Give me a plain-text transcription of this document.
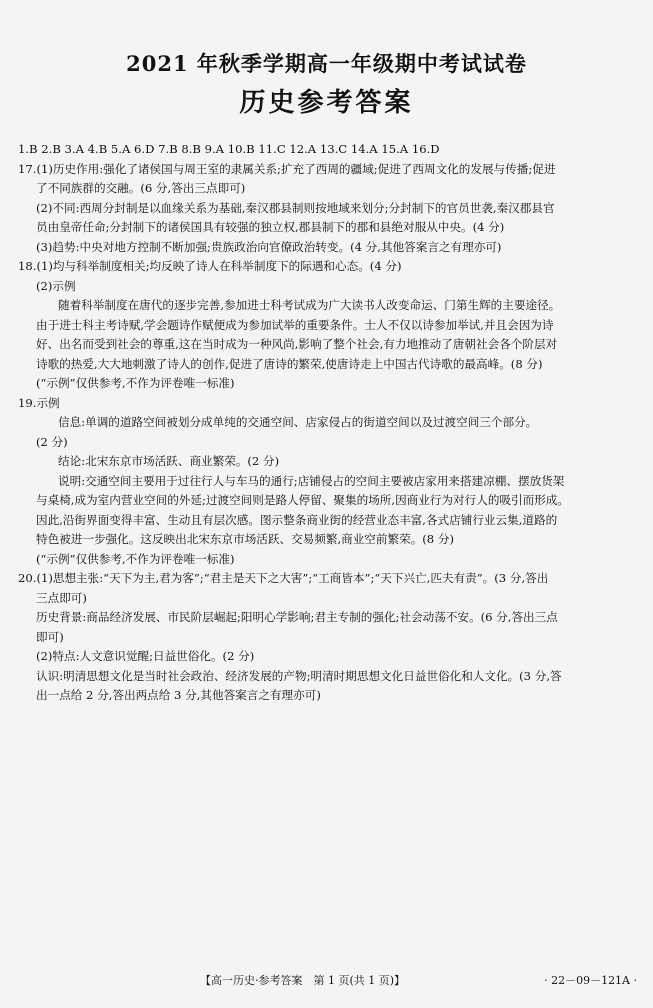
2021 年秋季学期高一年级期中考试试卷
历史参考答案

1.B 2.B 3.A 4.B 5.A 6.D 7.B 8.B 9.A 10.B 11.C 12.A 13.C 14.A 15.A 16.D

17.(1)历史作用:强化了诸侯国与周王室的隶属关系;扩充了西周的疆域;促进了西周文化的发展与传播;促进

了不同族群的交融。(6 分,答出三点即可)

(2)不同:西周分封制是以血缘关系为基础,秦汉郡县制则按地域来划分;分封制下的官员世袭,秦汉郡县官

员由皇帝任命;分封制下的诸侯国具有较强的独立权,郡县制下的郡和县绝对服从中央。(4 分)

(3)趋势:中央对地方控制不断加强;贵族政治向官僚政治转变。(4 分,其他答案言之有理亦可)

18.(1)均与科举制度相关;均反映了诗人在科举制度下的际遇和心态。(4 分)

(2)示例

随着科举制度在唐代的逐步完善,参加进士科考试成为广大读书人改变命运、门第生辉的主要途径。

由于进士科主考诗赋,学会题诗作赋便成为参加试举的重要条件。士人不仅以诗参加举试,并且会因为诗

好、出名而受到社会的尊重,这在当时成为一种风尚,影响了整个社会,有力地推动了唐朝社会各个阶层对

诗歌的热爱,大大地刺激了诗人的创作,促进了唐诗的繁荣,使唐诗走上中国古代诗歌的最高峰。(8 分)

(“示例”仅供参考,不作为评卷唯一标准)

19.示例

信息:单调的道路空间被划分成单纯的交通空间、店家侵占的街道空间以及过渡空间三个部分。

(2 分)

结论:北宋东京市场活跃、商业繁荣。(2 分)

说明:交通空间主要用于过往行人与车马的通行;店铺侵占的空间主要被店家用来搭建凉棚、摆放货架

与桌椅,成为室内营业空间的外延;过渡空间则是路人停留、聚集的场所,因商业行为对行人的吸引而形成。

因此,沿街界面变得丰富、生动且有层次感。图示整条商业街的经营业态丰富,各式店铺行业云集,道路的

特色被进一步强化。这反映出北宋东京市场活跃、交易频繁,商业空前繁荣。(8 分)

(“示例”仅供参考,不作为评卷唯一标准)

20.(1)思想主张:“天下为主,君为客”;“君主是天下之大害”;“工商皆本”;“天下兴亡,匹夫有责”。(3 分,答出

三点即可)

历史背景:商品经济发展、市民阶层崛起;阳明心学影响;君主专制的强化;社会动荡不安。(6 分,答出三点

即可)

(2)特点:人文意识觉醒;日益世俗化。(2 分)

认识:明清思想文化是当时社会政治、经济发展的产物;明清时期思想文化日益世俗化和人文化。(3 分,答

出一点给 2 分,答出两点给 3 分,其他答案言之有理亦可)

【高一历史·参考答案　第 1 页(共 1 页)】	· 22－09－121A ·
